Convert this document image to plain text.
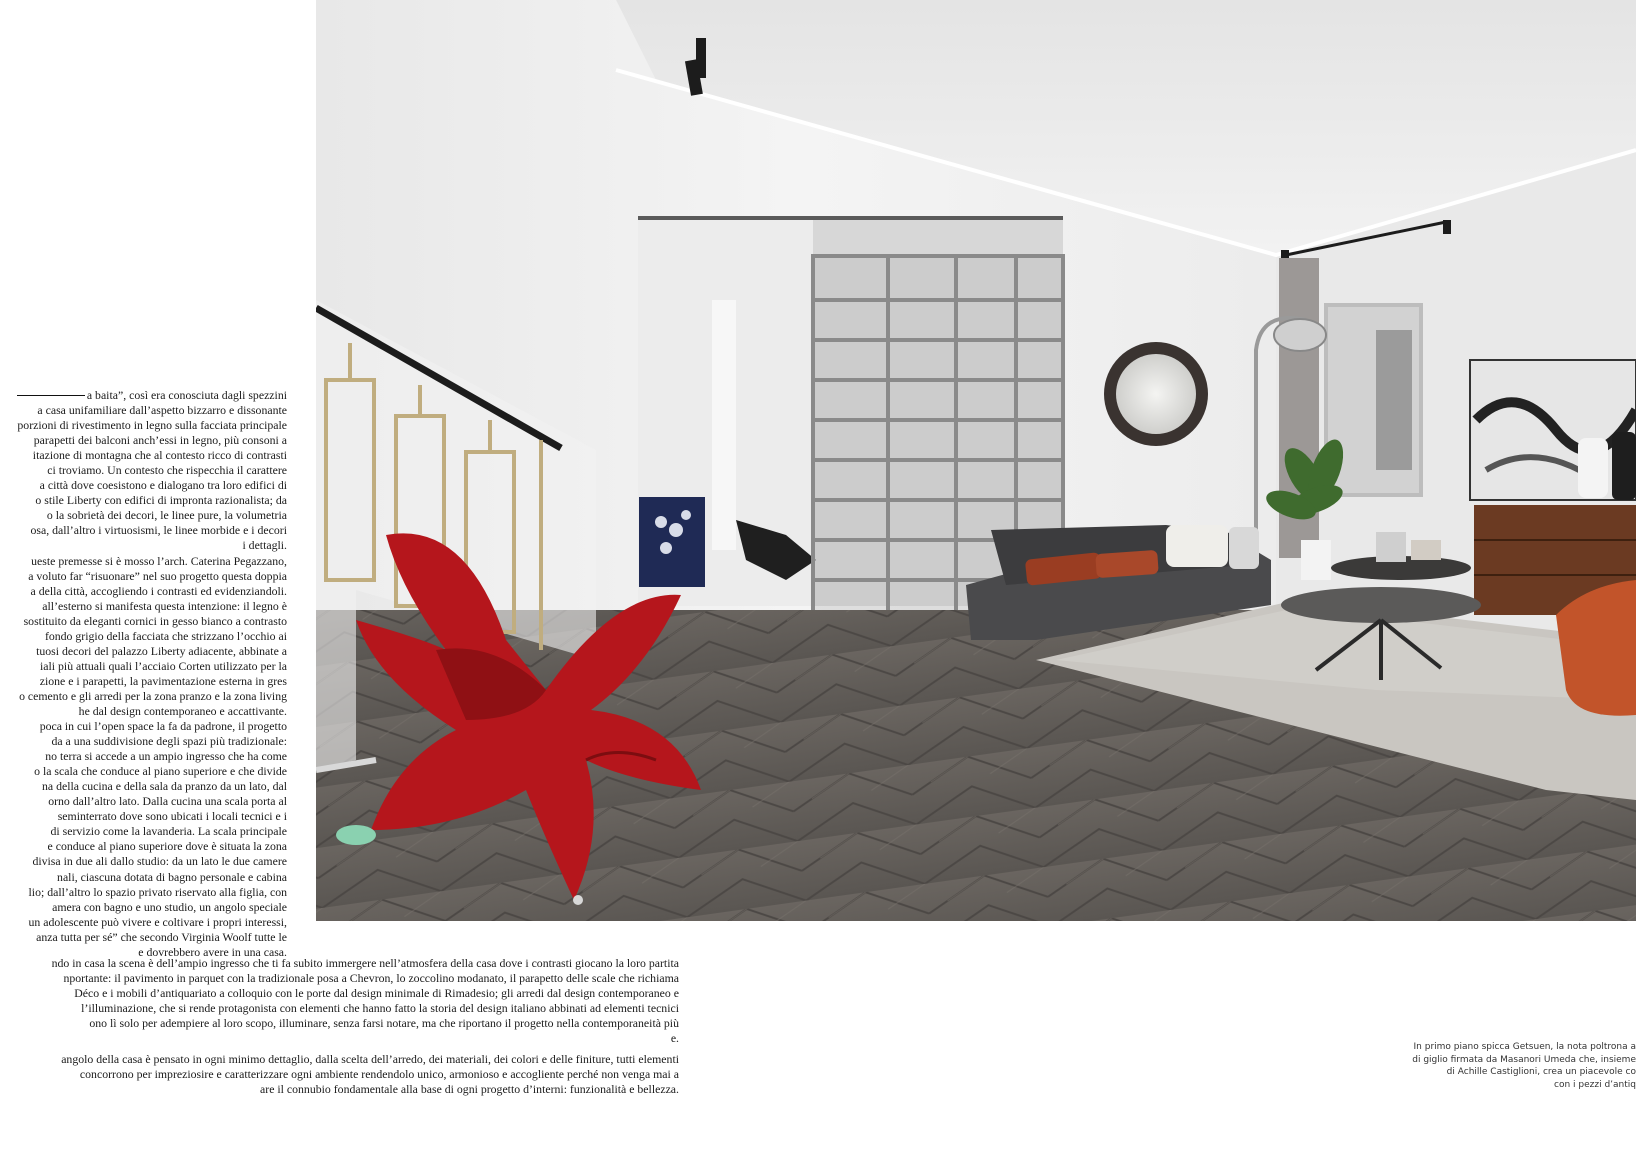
a baita”, così era conosciuta dagli spezzini
a casa unifamiliare dall’aspetto bizzarro e dissonante
porzioni di rivestimento in legno sulla facciata principale
parapetti dei balconi anch’essi in legno, più consoni a
itazione di montagna che al contesto ricco di contrasti
ci troviamo. Un contesto che rispecchia il carattere
a città dove coesistono e dialogano tra loro edifici di
o stile Liberty con edifici di impronta razionalista; da
o la sobrietà dei decori, le linee pure, la volumetria
osa, dall’altro i virtuosismi, le linee morbide e i decori
i dettagli.
ueste premesse si è mosso l’arch. Caterina Pegazzano,
a voluto far “risuonare” nel suo progetto questa doppia
a della città, accogliendo i contrasti ed evidenziandoli.
all’esterno si manifesta questa intenzione: il legno è
sostituito da eleganti cornici in gesso bianco a contrasto
fondo grigio della facciata che strizzano l’occhio ai
tuosi decori del palazzo Liberty adiacente, abbinate a
iali più attuali quali l’acciaio Corten utilizzato per la
zione e i parapetti, la pavimentazione esterna in gres
o cemento e gli arredi per la zona pranzo e la zona living
he dal design contemporaneo e accattivante.
poca in cui l’open space la fa da padrone, il progetto
da a una suddivisione degli spazi più tradizionale:
no terra si accede a un ampio ingresso che ha come
o la scala che conduce al piano superiore e che divide
na della cucina e della sala da pranzo da un lato, dal
orno dall’altro lato. Dalla cucina una scala porta al
seminterrato dove sono ubicati i locali tecnici e i
di servizio come la lavanderia. La scala principale
e conduce al piano superiore dove è situata la zona
divisa in due ali dallo studio: da un lato le due camere
nali, ciascuna dotata di bagno personale e cabina
lio; dall’altro lo spazio privato riservato alla figlia, con
amera con bagno e uno studio, un angolo speciale
un adolescente può vivere e coltivare i propri interessi,
anza tutta per sé” che secondo Virginia Woolf tutte le
e dovrebbero avere in una casa.
ndo in casa la scena è dell’ampio ingresso che ti fa subito immergere nell’atmosfera della casa dove i contrasti giocano la loro partita
nportante: il pavimento in parquet con la tradizionale posa a Chevron, lo zoccolino modanato, il parapetto delle scale che richiama
Déco e i mobili d’antiquariato a colloquio con le porte dal design minimale di Rimadesio; gli arredi dal design contemporaneo e
l’illuminazione, che si rende protagonista con elementi che hanno fatto la storia del design italiano abbinati ad elementi tecnici
ono lì solo per adempiere al loro scopo, illuminare, senza farsi notare, ma che riportano il progetto nella contemporaneità più
e.
angolo della casa è pensato in ogni minimo dettaglio, dalla scelta dell’arredo, dei materiali, dei colori e delle finiture, tutti elementi
concorrono per impreziosire e caratterizzare ogni ambiente rendendolo unico, armonioso e accogliente perché non venga mai a
are il connubio fondamentale alla base di ogni progetto d’interni: funzionalità e bellezza.
In primo piano spicca Getsuen, la nota poltrona a
di giglio firmata da Masanori Umeda che, insieme
di Achille Castiglioni, crea un piacevole co
con i pezzi d’antiq
